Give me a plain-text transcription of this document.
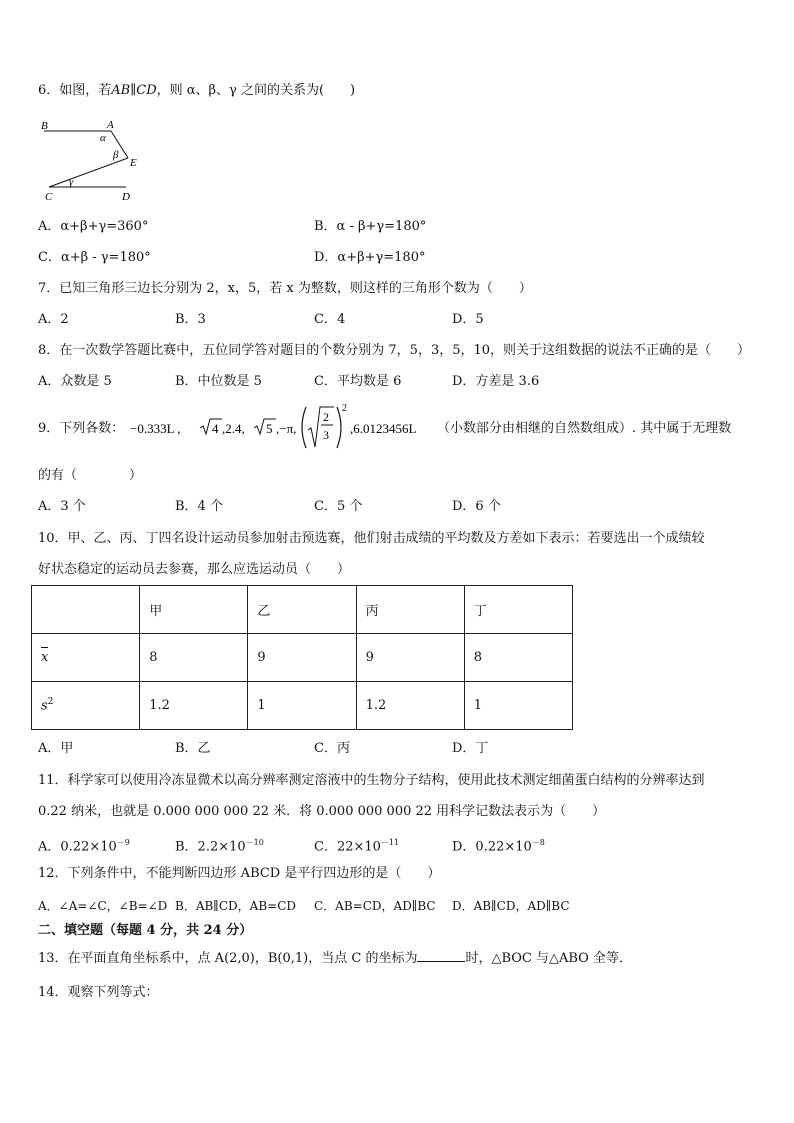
6．如图，若AB∥CD，则 α、β、γ 之间的关系为(　　)
B	A
α
β
E
γ
C	D
A．α+β+γ=360°	B．α - β+γ=180°
C．α+β - γ=180°	D．α+β+γ=180°
7．已知三角形三边长分别为 2，x，5，若 x 为整数，则这样的三角形个数为（　　）
A．2	B．3	C．4	D．5
8．在一次数学答题比赛中，五位同学答对题目的个数分别为 7，5，3，5，10，则关于这组数据的说法不正确的是（　　）
A．众数是 5	B．中位数是 5	C．平均数是 6	D．方差是 3.6
9．下列各数： −0.333L , 4 ,2.4, 5 ,−π,
2
3
2
,6.0123456L （小数部分由相继的自然数组成）. 其中属于无理数
的有（　　　　）
A．3 个	B．4 个	C．5 个	D．6 个
10．甲、乙、丙、丁四名设计运动员参加射击预选赛，他们射击成绩的平均数及方差如下表示：若要选出一个成绩较
好状态稳定的运动员去参赛，那么应选运动员（　　）
	甲	乙	丙	丁
x	8	9	9	8
$s^2$	1.2	1	1.2	1
A．甲	B．乙	C．丙	D．丁
11．科学家可以使用冷冻显微术以高分辨率测定溶液中的生物分子结构，使用此技术测定细菌蛋白结构的分辨率达到
0.22 纳米，也就是 0.000 000 000 22 米．将 0.000 000 000 22 用科学记数法表示为（　　）
A．$0.22\times 10^{-9}$	B．$2.2\times 10^{-10}$	C．$22\times 10^{-11}$	D．$0.22\times 10^{-8}$
12．下列条件中，不能判断四边形 ABCD 是平行四边形的是（　　）
A．∠A=∠C，∠B=∠D B．AB∥CD，AB=CD C．AB=CD，AD∥BC D．AB∥CD，AD∥BC
二、填空题（每题 4 分，共 24 分）
13．在平面直角坐标系中，点 A(2,0)，B(0,1)，当点 C 的坐标为	时，△BOC 与△ABO 全等．
14．观察下列等式：
